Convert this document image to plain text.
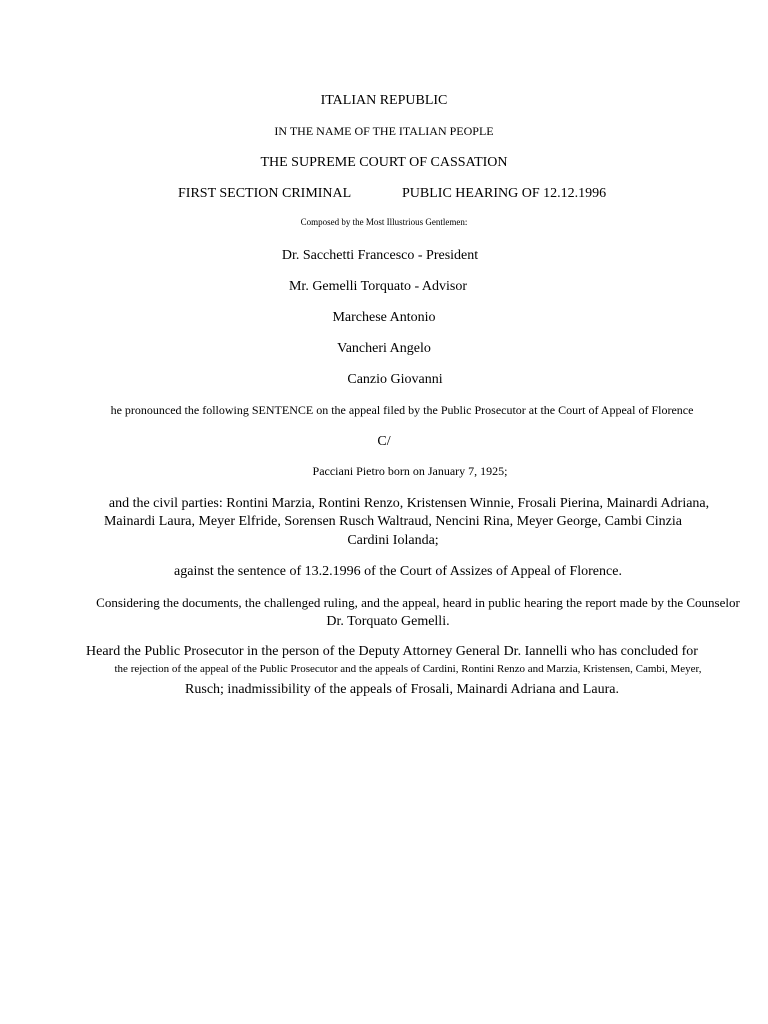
ITALIAN REPUBLIC
IN THE NAME OF THE ITALIAN PEOPLE
THE SUPREME COURT OF CASSATION
FIRST SECTION CRIMINAL	PUBLIC HEARING OF 12.12.1996
Composed by the Most Illustrious Gentlemen:
Dr. Sacchetti Francesco - President
Mr. Gemelli Torquato - Advisor
Marchese Antonio
Vancheri Angelo
Canzio Giovanni
he pronounced the following SENTENCE on the appeal filed by the Public Prosecutor at the Court of Appeal of Florence
C/
Pacciani Pietro born on January 7, 1925;
and the civil parties: Rontini Marzia, Rontini Renzo, Kristensen Winnie, Frosali Pierina, Mainardi Adriana,
Mainardi Laura, Meyer Elfride, Sorensen Rusch Waltraud, Nencini Rina, Meyer George, Cambi Cinzia
Cardini Iolanda;
against the sentence of 13.2.1996 of the Court of Assizes of Appeal of Florence.
Considering the documents, the challenged ruling, and the appeal, heard in public hearing the report made by the Counselor
Dr. Torquato Gemelli.
Heard the Public Prosecutor in the person of the Deputy Attorney General Dr. Iannelli who has concluded for
the rejection of the appeal of the Public Prosecutor and the appeals of Cardini, Rontini Renzo and Marzia, Kristensen, Cambi, Meyer,
Rusch; inadmissibility of the appeals of Frosali, Mainardi Adriana and Laura.
